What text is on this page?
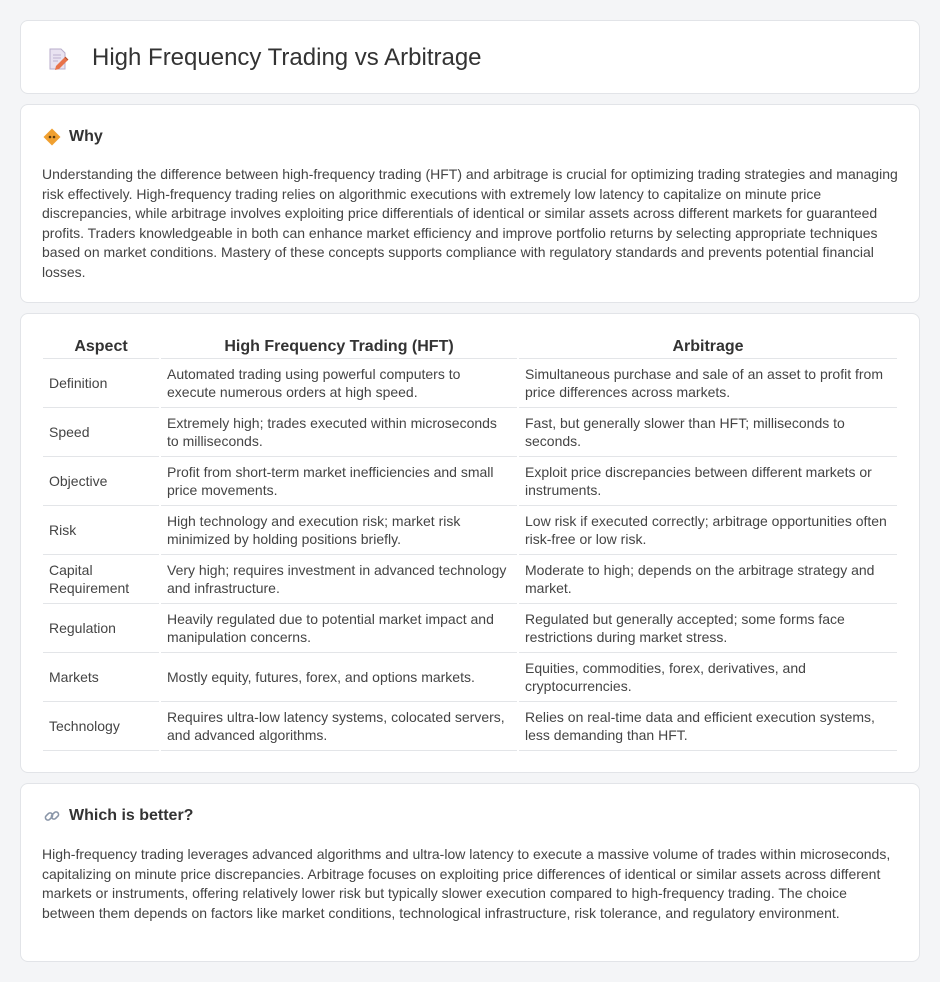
High Frequency Trading vs Arbitrage
Why

Understanding the difference between high-frequency trading (HFT) and arbitrage is crucial for optimizing trading strategies and managing risk effectively. High-frequency trading relies on algorithmic executions with extremely low latency to capitalize on minute price discrepancies, while arbitrage involves exploiting price differentials of identical or similar assets across different markets for guaranteed profits. Traders knowledgeable in both can enhance market efficiency and improve portfolio returns by selecting appropriate techniques based on market conditions. Mastery of these concepts supports compliance with regulatory standards and prevents potential financial losses.

Aspect	High Frequency Trading (HFT)	Arbitrage
Definition	Automated trading using powerful computers to execute numerous orders at high speed.	Simultaneous purchase and sale of an asset to profit from price differences across markets.
Speed	Extremely high; trades executed within microseconds to milliseconds.	Fast, but generally slower than HFT; milliseconds to seconds.
Objective	Profit from short-term market inefficiencies and small price movements.	Exploit price discrepancies between different markets or instruments.
Risk	High technology and execution risk; market risk minimized by holding positions briefly.	Low risk if executed correctly; arbitrage opportunities often risk-free or low risk.
Capital Requirement	Very high; requires investment in advanced technology and infrastructure.	Moderate to high; depends on the arbitrage strategy and market.
Regulation	Heavily regulated due to potential market impact and manipulation concerns.	Regulated but generally accepted; some forms face restrictions during market stress.
Markets	Mostly equity, futures, forex, and options markets.	Equities, commodities, forex, derivatives, and cryptocurrencies.
Technology	Requires ultra-low latency systems, colocated servers, and advanced algorithms.	Relies on real-time data and efficient execution systems, less demanding than HFT.
Which is better?

High-frequency trading leverages advanced algorithms and ultra-low latency to execute a massive volume of trades within microseconds, capitalizing on minute price discrepancies. Arbitrage focuses on exploiting price differences of identical or similar assets across different markets or instruments, offering relatively lower risk but typically slower execution compared to high-frequency trading. The choice between them depends on factors like market conditions, technological infrastructure, risk tolerance, and regulatory environment.
